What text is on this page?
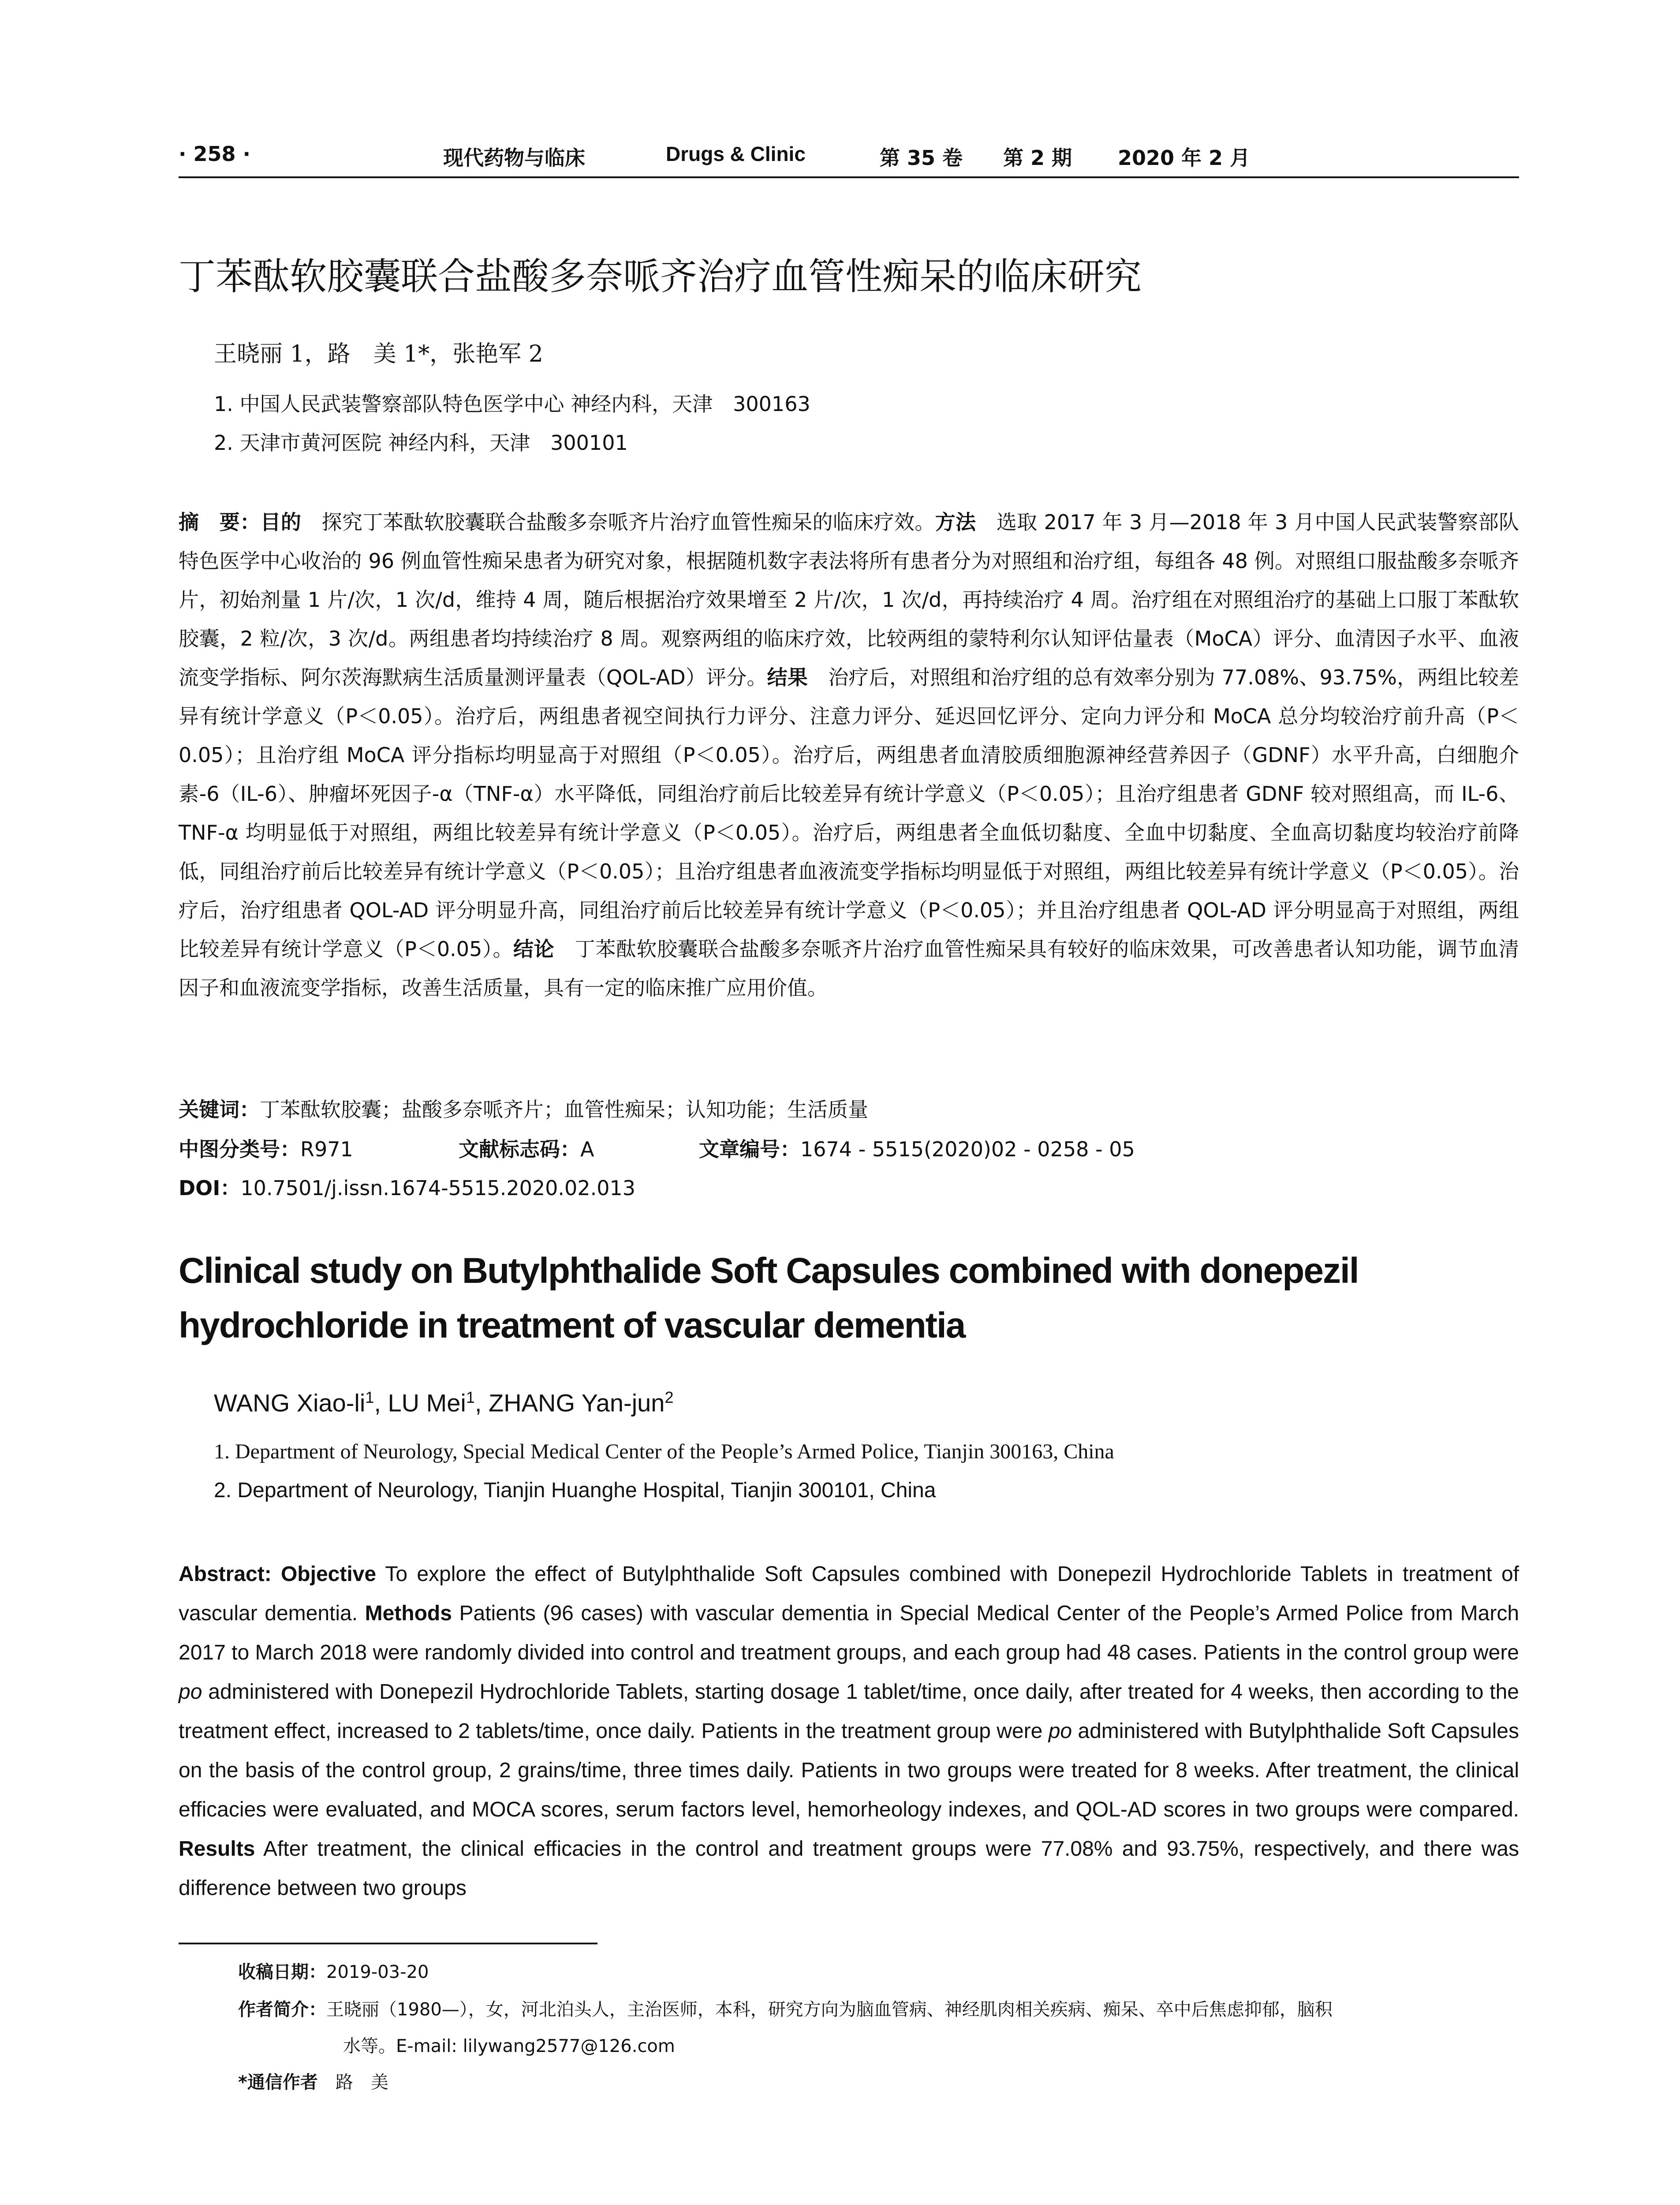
· 258 ·	现代药物与临床	Drugs & Clinic	第 35 卷 第 2 期 2020 年 2 月
丁苯酞软胶囊联合盐酸多奈哌齐治疗血管性痴呆的临床研究
王晓丽 1，路　美 1*，张艳军 2
1. 中国人民武装警察部队特色医学中心 神经内科，天津　300163
2. 天津市黄河医院 神经内科，天津　300101
摘　要：目的　探究丁苯酞软胶囊联合盐酸多奈哌齐片治疗血管性痴呆的临床疗效。方法　选取 2017 年 3 月—2018 年 3 月中国人民武装警察部队特色医学中心收治的 96 例血管性痴呆患者为研究对象，根据随机数字表法将所有患者分为对照组和治疗组，每组各 48 例。对照组口服盐酸多奈哌齐片，初始剂量 1 片/次，1 次/d，维持 4 周，随后根据治疗效果增至 2 片/次，1 次/d，再持续治疗 4 周。治疗组在对照组治疗的基础上口服丁苯酞软胶囊，2 粒/次，3 次/d。两组患者均持续治疗 8 周。观察两组的临床疗效，比较两组的蒙特利尔认知评估量表（MoCA）评分、血清因子水平、血液流变学指标、阿尔茨海默病生活质量测评量表（QOL-AD）评分。结果　治疗后，对照组和治疗组的总有效率分别为 77.08%、93.75%，两组比较差异有统计学意义（P＜0.05）。治疗后，两组患者视空间执行力评分、注意力评分、延迟回忆评分、定向力评分和 MoCA 总分均较治疗前升高（P＜0.05）；且治疗组 MoCA 评分指标均明显高于对照组（P＜0.05）。治疗后，两组患者血清胶质细胞源神经营养因子（GDNF）水平升高，白细胞介素-6（IL-6）、肿瘤坏死因子-α（TNF-α）水平降低，同组治疗前后比较差异有统计学意义（P＜0.05）；且治疗组患者 GDNF 较对照组高，而 IL-6、TNF-α 均明显低于对照组，两组比较差异有统计学意义（P＜0.05）。治疗后，两组患者全血低切黏度、全血中切黏度、全血高切黏度均较治疗前降低，同组治疗前后比较差异有统计学意义（P＜0.05）；且治疗组患者血液流变学指标均明显低于对照组，两组比较差异有统计学意义（P＜0.05）。治疗后，治疗组患者 QOL-AD 评分明显升高，同组治疗前后比较差异有统计学意义（P＜0.05）；并且治疗组患者 QOL-AD 评分明显高于对照组，两组比较差异有统计学意义（P＜0.05）。结论　丁苯酞软胶囊联合盐酸多奈哌齐片治疗血管性痴呆具有较好的临床效果，可改善患者认知功能，调节血清因子和血液流变学指标，改善生活质量，具有一定的临床推广应用价值。
关键词：丁苯酞软胶囊；盐酸多奈哌齐片；血管性痴呆；认知功能；生活质量
中图分类号：R971	文献标志码：A	文章编号：1674 - 5515(2020)02 - 0258 - 05
DOI：10.7501/j.issn.1674-5515.2020.02.013
Clinical study on Butylphthalide Soft Capsules combined with donepezil hydrochloride in treatment of vascular dementia
WANG Xiao-$li^1$, LU Mei$^1$, ZHANG Yan-jun$^2$
1. Department of Neurology, Special Medical Center of the People’s Armed Police, Tianjin 300163, China
2. Department of Neurology, Tianjin Huanghe Hospital, Tianjin 300101, China
Abstract: Objective To explore the effect of Butylphthalide Soft Capsules combined with Donepezil Hydrochloride Tablets in treatment of vascular dementia. Methods Patients (96 cases) with vascular dementia in Special Medical Center of the People’s Armed Police from March 2017 to March 2018 were randomly divided into control and treatment groups, and each group had 48 cases. Patients in the control group were po administered with Donepezil Hydrochloride Tablets, starting dosage 1 tablet/time, once daily, after treated for 4 weeks, then according to the treatment effect, increased to 2 tablets/time, once daily. Patients in the treatment group were po administered with Butylphthalide Soft Capsules on the basis of the control group, 2 grains/time, three times daily. Patients in two groups were treated for 8 weeks. After treatment, the clinical efficacies were evaluated, and MOCA scores, serum factors level, hemorheology indexes, and QOL-AD scores in two groups were compared. Results After treatment, the clinical efficacies in the control and treatment groups were 77.08% and 93.75%, respectively, and there was difference between two groups
收稿日期：2019-03-20
作者简介：王晓丽（1980—），女，河北泊头人，主治医师，本科，研究方向为脑血管病、神经肌肉相关疾病、痴呆、卒中后焦虑抑郁，脑积
水等。E-mail: lilywang2577@126.com
*通信作者　路　美
